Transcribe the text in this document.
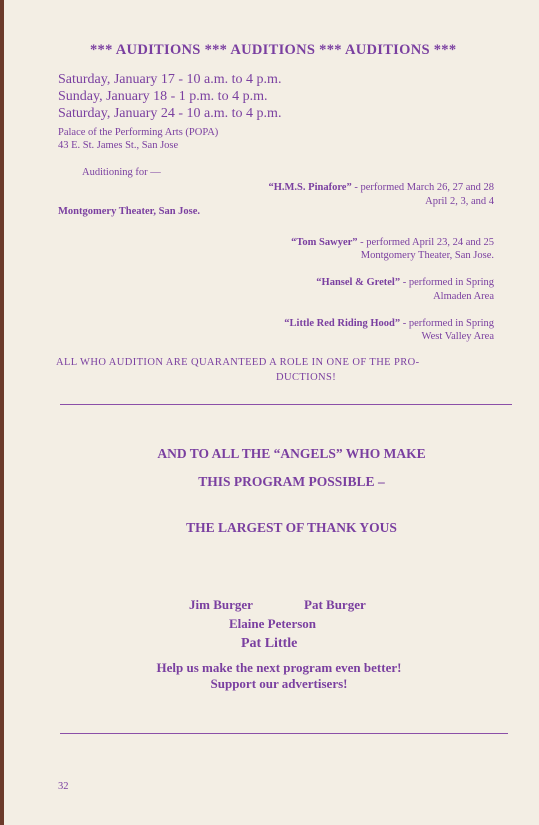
*** AUDITIONS *** AUDITIONS *** AUDITIONS ***
Saturday, January 17 - 10 a.m. to 4 p.m.
Sunday, January 18 - 1 p.m. to 4 p.m.
Saturday, January 24 - 10 a.m. to 4 p.m.
Palace of the Performing Arts (POPA)
43 E. St. James St., San Jose
Auditioning for —
“H.M.S. Pinafore” - performed March 26, 27 and 28
April 2, 3, and 4
Montgomery Theater, San Jose.
“Tom Sawyer” - performed April 23, 24 and 25
Montgomery Theater, San Jose.
“Hansel & Gretel” - performed in Spring
Almaden Area
“Little Red Riding Hood” - performed in Spring
West Valley Area
ALL WHO AUDITION ARE QUARANTEED A ROLE IN ONE OF THE PRO-
DUCTIONS!
AND TO ALL THE “ANGELS” WHO MAKE
THIS PROGRAM POSSIBLE –
THE LARGEST OF THANK YOUS
Jim Burger	Pat Burger
Elaine Peterson
Pat Little
Help us make the next program even better!
Support our advertisers!
32
